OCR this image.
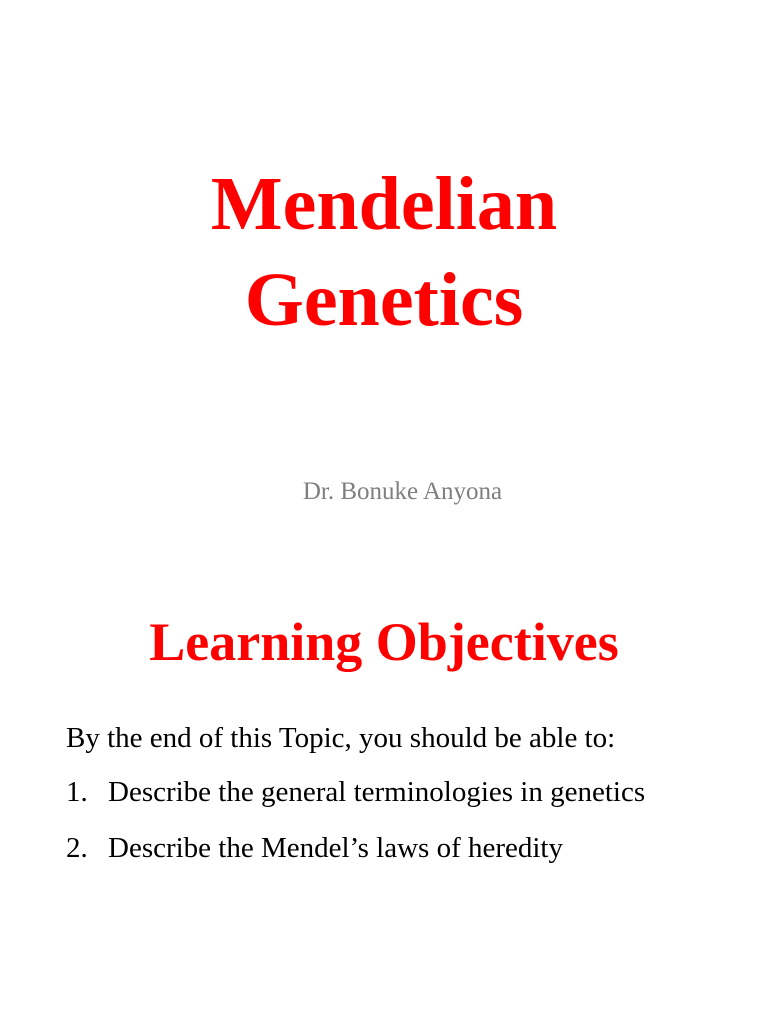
Mendelian
Genetics

Dr. Bonuke Anyona

Learning Objectives

By the end of this Topic, you should be able to:

1. Describe the general terminologies in genetics
2. Describe the Mendel’s laws of heredity
